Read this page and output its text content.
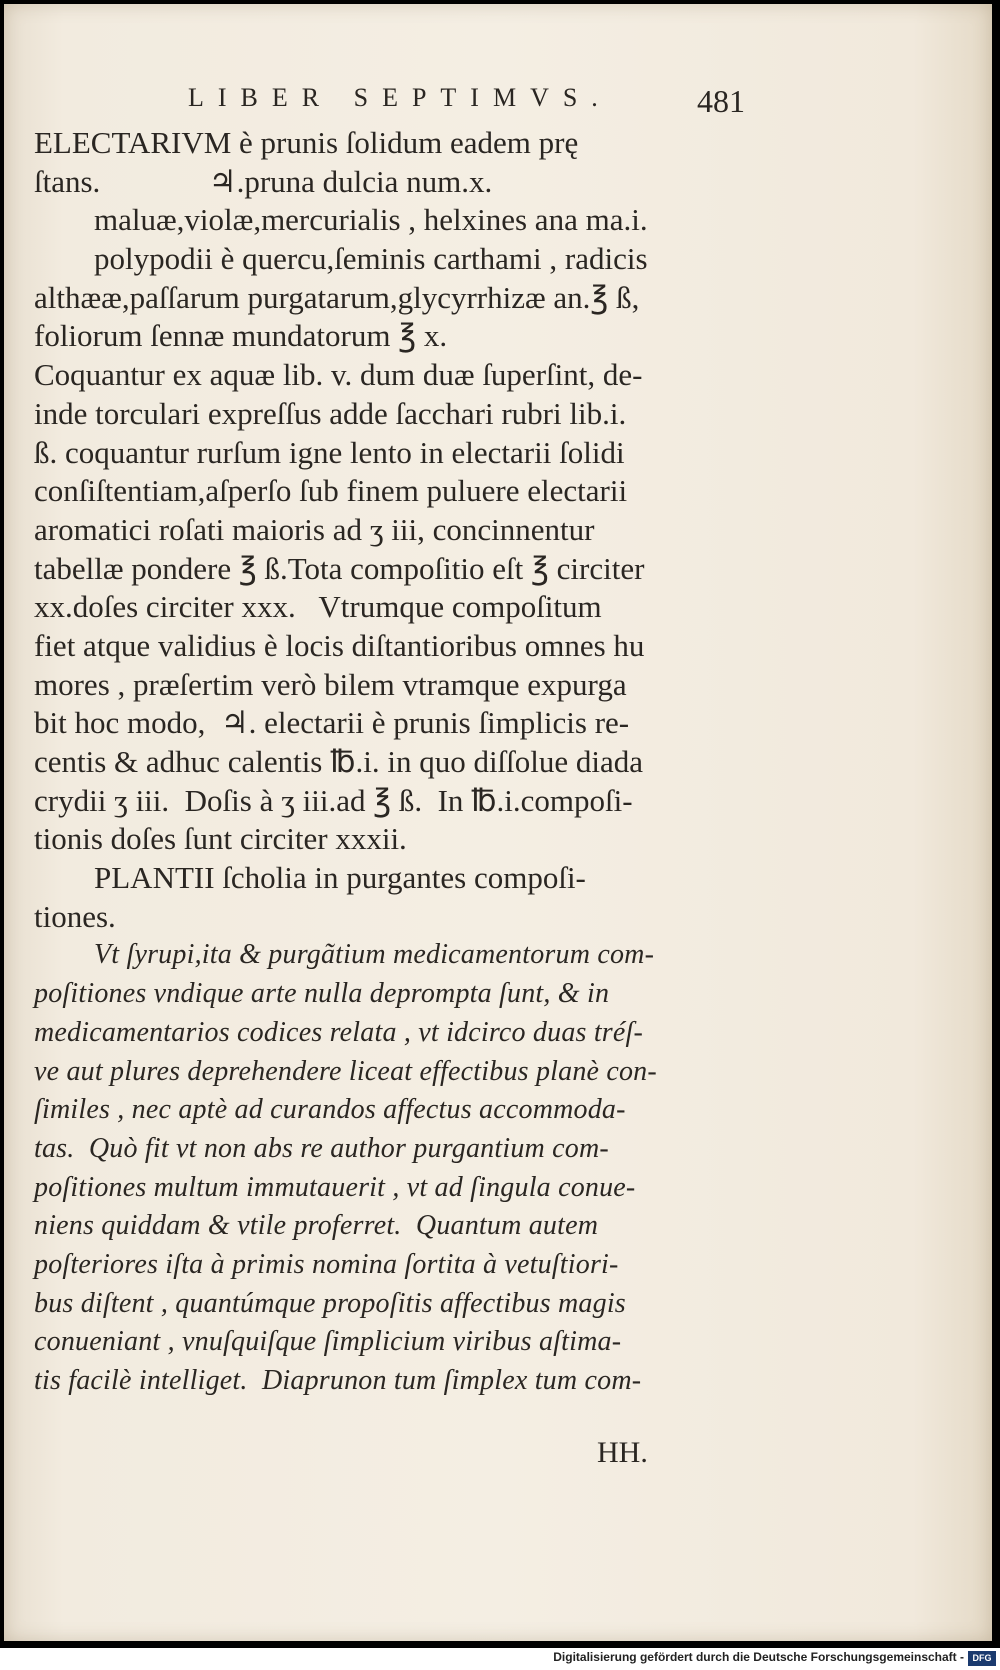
LIBER SEPTIMVS.	481
ELECTARIVM è prunis ſolidum eadem prę
ſtans.              ♃.pruna dulcia num.x.
maluæ,violæ,mercurialis , helxines ana ma.i.
polypodii è quercu,ſeminis carthami , radicis
althææ,paſſarum purgatarum,glycyrrhizæ an.℥ ß,
foliorum ſennæ mundatorum ℥ x.
Coquantur ex aquæ lib. v. dum duæ ſuperſint, de-
inde torculari expreſſus adde ſacchari rubri lib.i.
ß. coquantur rurſum igne lento in electarii ſolidi
conſiſtentiam,aſperſo ſub finem puluere electarii
aromatici roſati maioris ad ʒ iii, concinnentur
tabellæ pondere ℥ ß.Tota compoſitio eſt ℥ circiter
xx.doſes circiter xxx.   Vtrumque compoſitum
fiet atque validius è locis diſtantioribus omnes hu
mores , præſertim verò bilem vtramque expurga
bit hoc modo,  ♃. electarii è prunis ſimplicis re-
centis & adhuc calentis ℔.i. in quo diſſolue diada
crydii ʒ iii.  Doſis à ʒ iii.ad ℥ ß.  In ℔.i.compoſi-
tionis doſes ſunt circiter xxxii.
PLANTII ſcholia in purgantes compoſi-
tiones.
Vt ſyrupi,ita & purgãtium medicamentorum com-
poſitiones vndique arte nulla deprompta ſunt, & in
medicamentarios codices relata , vt idcirco duas tréſ-
ve aut plures deprehendere liceat effectibus planè con-
ſimiles , nec aptè ad curandos affectus accommoda-
tas.  Quò fit vt non abs re author purgantium com-
poſitiones multum immutauerit , vt ad ſingula conue-
niens quiddam & vtile proferret.  Quantum autem
poſteriores iſta à primis nomina ſortita à vetuſtiori-
bus diſtent , quantúmque propoſitis affectibus magis
conueniant , vnuſquiſque ſimplicium viribus aſtima-
tis facilè intelliget.  Diaprunon tum ſimplex tum com-
HH.
Digitalisierung gefördert durch die Deutsche Forschungsgemeinschaft - DFG
